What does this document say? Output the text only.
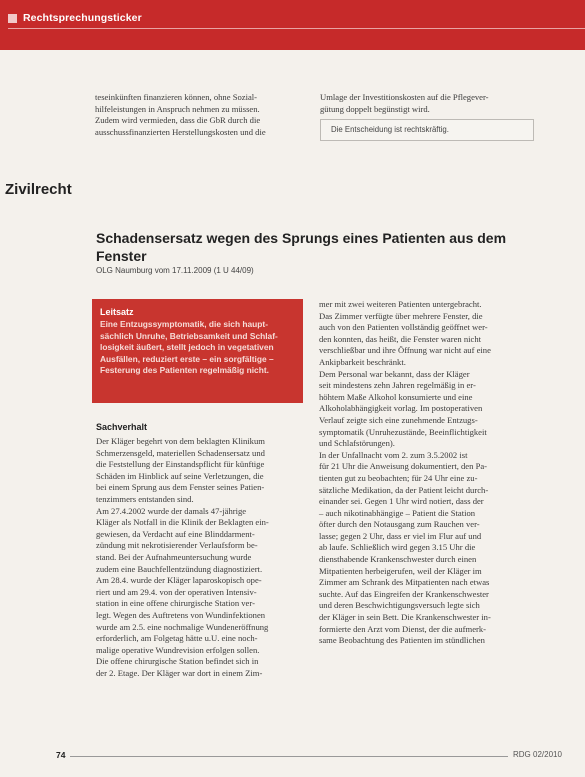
Rechtsprechungsticker
teseinkünften finanzieren können, ohne Sozial-
hilfeleistungen in Anspruch nehmen zu müssen.
Zudem wird vermieden, dass die GbR durch die
ausschussfinanzierten Herstellungskosten und die
Umlage der Investitionskosten auf die Pflegever-
gütung doppelt begünstigt wird.
Die Entscheidung ist rechtskräftig.
Zivilrecht
Schadensersatz wegen des Sprungs eines Patienten aus dem Fenster
OLG Naumburg vom 17.11.2009 (1 U 44/09)
Leitsatz
Eine Entzugssymptomatik, die sich haupt-
sächlich Unruhe, Betriebsamkeit und Schlaf-
losigkeit äußert, stellt jedoch in vegetativen
Ausfällen, reduziert erste – ein sorgfältige –
Festerung des Patienten regelmäßig nicht.
Sachverhalt
Der Kläger begehrt von dem beklagten Klinikum
Schmerzensgeld, materiellen Schadensersatz und
die Feststellung der Einstandspflicht für künftige
Schäden im Hinblick auf seine Verletzungen, die
bei einem Sprung aus dem Fenster seines Patien-
tenzimmers entstanden sind.
Am 27.4.2002 wurde der damals 47-jährige
Kläger als Notfall in die Klinik der Beklagten ein-
gewiesen, da Verdacht auf eine Blinddarment-
zündung mit nekrotisierender Verlaufsform be-
stand. Bei der Aufnahmeuntersuchung wurde
zudem eine Bauchfellentzündung diagnostiziert.
Am 28.4. wurde der Kläger laparoskopisch ope-
riert und am 29.4. von der operativen Intensiv-
station in eine offene chirurgische Station ver-
legt. Wegen des Auftretens von Wundinfektionen
wurde am 2.5. eine nochmalige Wundeneröffnung
erforderlich, am Folgetag hätte u.U. eine noch-
malige operative Wundrevision erfolgen sollen.
Die offene chirurgische Station befindet sich in
der 2. Etage. Der Kläger war dort in einem Zim-
mer mit zwei weiteren Patienten untergebracht.
Das Zimmer verfügte über mehrere Fenster, die
auch von den Patienten vollständig geöffnet wer-
den konnten, das heißt, die Fenster waren nicht
verschließbar und ihre Öffnung war nicht auf eine
Ankipbarkeit beschränkt.
Dem Personal war bekannt, dass der Kläger
seit mindestens zehn Jahren regelmäßig in er-
höhtem Maße Alkohol konsumierte und eine
Alkoholabhängigkeit vorlag. Im postoperativen
Verlauf zeigte sich eine zunehmende Entzugs-
symptomatik (Unruhezustände, Beeinflichtigkeit
und Schlafstörungen).
In der Unfallnacht vom 2. zum 3.5.2002 ist
für 21 Uhr die Anweisung dokumentiert, den Pa-
tienten gut zu beobachten; für 24 Uhr eine zu-
sätzliche Medikation, da der Patient leicht durch-
einander sei. Gegen 1 Uhr wird notiert, dass der
– auch nikotinabhängige – Patient die Station
öfter durch den Notausgang zum Rauchen ver-
lasse; gegen 2 Uhr, dass er viel im Flur auf und
ab laufe. Schließlich wird gegen 3.15 Uhr die
diensthabende Krankenschwester durch einen
Mitpatienten herbeigerufen, weil der Kläger im
Zimmer am Schrank des Mitpatienten nach etwas
suchte. Auf das Eingreifen der Krankenschwester
und deren Beschwichtigungsversuch legte sich
der Kläger in sein Bett. Die Krankenschwester in-
formierte den Arzt vom Dienst, der die aufmerk-
same Beobachtung des Patienten im stündlichen
74	RDG 02/2010
